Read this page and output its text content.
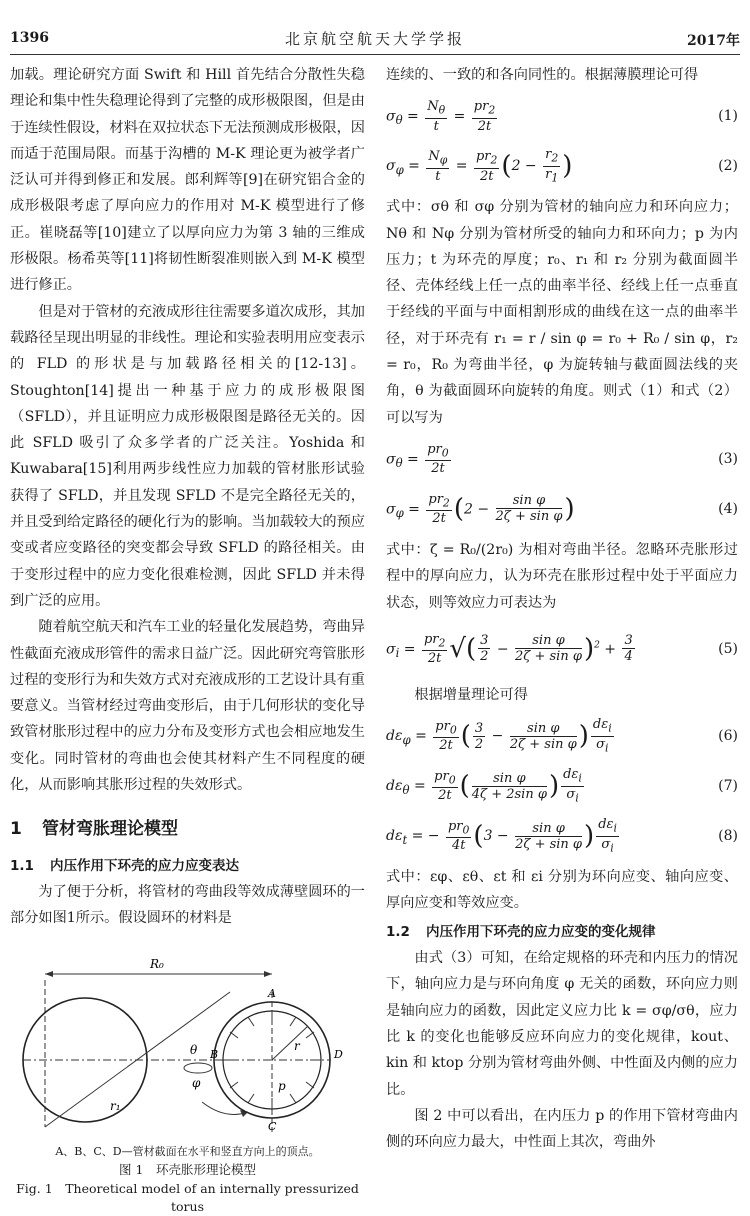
1396	北京航空航天大学学报	2017年

加载。理论研究方面 Swift 和 Hill 首先结合分散性失稳理论和集中性失稳理论得到了完整的成形极限图，但是由于连续性假设，材料在双拉状态下无法预测成形极限，因而适于范围局限。而基于沟槽的 M-K 理论更为被学者广泛认可并得到修正和发展。郎利辉等[9]在研究铝合金的成形极限考虑了厚向应力的作用对 M-K 模型进行了修正。崔晓磊等[10]建立了以厚向应力为第 3 轴的三维成形极限。杨希英等[11]将韧性断裂准则嵌入到 M-K 模型进行修正。

但是对于管材的充液成形往往需要多道次成形，其加载路径呈现出明显的非线性。理论和实验表明用应变表示的 FLD 的形状是与加载路径相关的[12-13]。Stoughton[14]提出一种基于应力的成形极限图（SFLD），并且证明应力成形极限图是路径无关的。因此 SFLD 吸引了众多学者的广泛关注。Yoshida 和 Kuwabara[15]利用两步线性应力加载的管材胀形试验获得了 SFLD，并且发现 SFLD 不是完全路径无关的，并且受到给定路径的硬化行为的影响。当加载较大的预应变或者应变路径的突变都会导致 SFLD 的路径相关。由于变形过程中的应力变化很难检测，因此 SFLD 并未得到广泛的应用。

随着航空航天和汽车工业的轻量化发展趋势，弯曲异性截面充液成形管件的需求日益广泛。因此研究弯管胀形过程的变形行为和失效方式对充液成形的工艺设计具有重要意义。当管材经过弯曲变形后，由于几何形状的变化导致管材胀形过程中的应力分布及变形方式也会相应地发生变化。同时管材的弯曲也会使其材料产生不同程度的硬化，从而影响其胀形过程的失效形式。

1 管材弯胀理论模型
1.1 内压作用下环壳的应力应变表达

为了便于分析，将管材的弯曲段等效成薄壁圆环的一部分如图1所示。假设圆环的材料是

R₀
r₁
θ
φ	p
r
A
B
C
D
A、B、C、D—管材截面在水平和竖直方向上的顶点。
图 1　环壳胀形理论模型
Fig. 1　Theoretical model of an internally pressurized torus

连续的、一致的和各向同性的。根据薄膜理论可得

$\sigma_\theta = \frac{N_\theta}{t} = \frac{pr_2}{2t}$	(1)
$\sigma_\varphi = \frac{N_\varphi}{t} = \frac{pr_2}{2t} (2 - \frac{r_2}{r_1}$ )	(2)

式中：σθ 和 σφ 分别为管材的轴向应力和环向应力；Nθ 和 Nφ 分别为管材所受的轴向力和环向力；p 为内压力；t 为环壳的厚度；r₀、r₁ 和 r₂ 分别为截面圆半径、壳体经线上任一点的曲率半径、经线上任一点垂直于经线的平面与中面相割形成的曲线在这一点的曲率半径，对于环壳有 r₁ = r / sin φ = r₀ + R₀ / sin φ，r₂ = r₀，R₀ 为弯曲半径，φ 为旋转轴与截面圆法线的夹角，θ 为截面圆环向旋转的角度。则式（1）和式（2）可以写为

$\sigma_\theta = \frac{pr_0}{2t}$	(3)
$\sigma_\varphi = \frac{pr_2}{2t} (2 - \frac{\text{sin φ}}{\text{2ζ + sin φ}}$ )	(4)

式中：ζ = R₀/(2r₀) 为相对弯曲半径。忽略环壳胀形过程中的厚向应力，认为环壳在胀形过程中处于平面应力状态，则等效应力可表达为

$\sigma_i = \frac{pr_2}{2t}$ √( $\frac{3}{2} - \frac{\text{sin φ}}{\text{2ζ + sin φ}} )^2 + \frac{3}{4}$	(5)

根据增量理论可得

$d\varepsilon_\varphi = \frac{pr_0}{2t}$ ( $\frac{3}{2} - \frac{\text{sin φ}}{\text{2ζ + sin φ}}$ ) $\frac{d\varepsilon_i}{\sigma_i}$	(6)
$d\varepsilon_\theta = \frac{pr_0}{2t}$ ( $\frac{\text{sin φ}}{\text{4ζ + 2sin φ}}$ ) $\frac{d\varepsilon_i}{\sigma_i}$	(7)
$d\varepsilon_t$ = − $\frac{pr_0}{4t} (3 - \frac{\text{sin φ}}{\text{2ζ + sin φ}}$ ) $\frac{d\varepsilon_i}{\sigma_i}$	(8)

式中：εφ、εθ、εt 和 εi 分别为环向应变、轴向应变、厚向应变和等效应变。

1.2 内压作用下环壳的应力应变的变化规律

由式（3）可知，在给定规格的环壳和内压力的情况下，轴向应力是与环向角度 φ 无关的函数，环向应力则是轴向应力的函数，因此定义应力比 k = σφ/σθ，应力比 k 的变化也能够反应环向应力的变化规律，kout、kin 和 ktop 分别为管材弯曲外侧、中性面及内侧的应力比。

图 2 中可以看出，在内压力 p 的作用下管材弯曲内侧的环向应力最大，中性面上其次，弯曲外
